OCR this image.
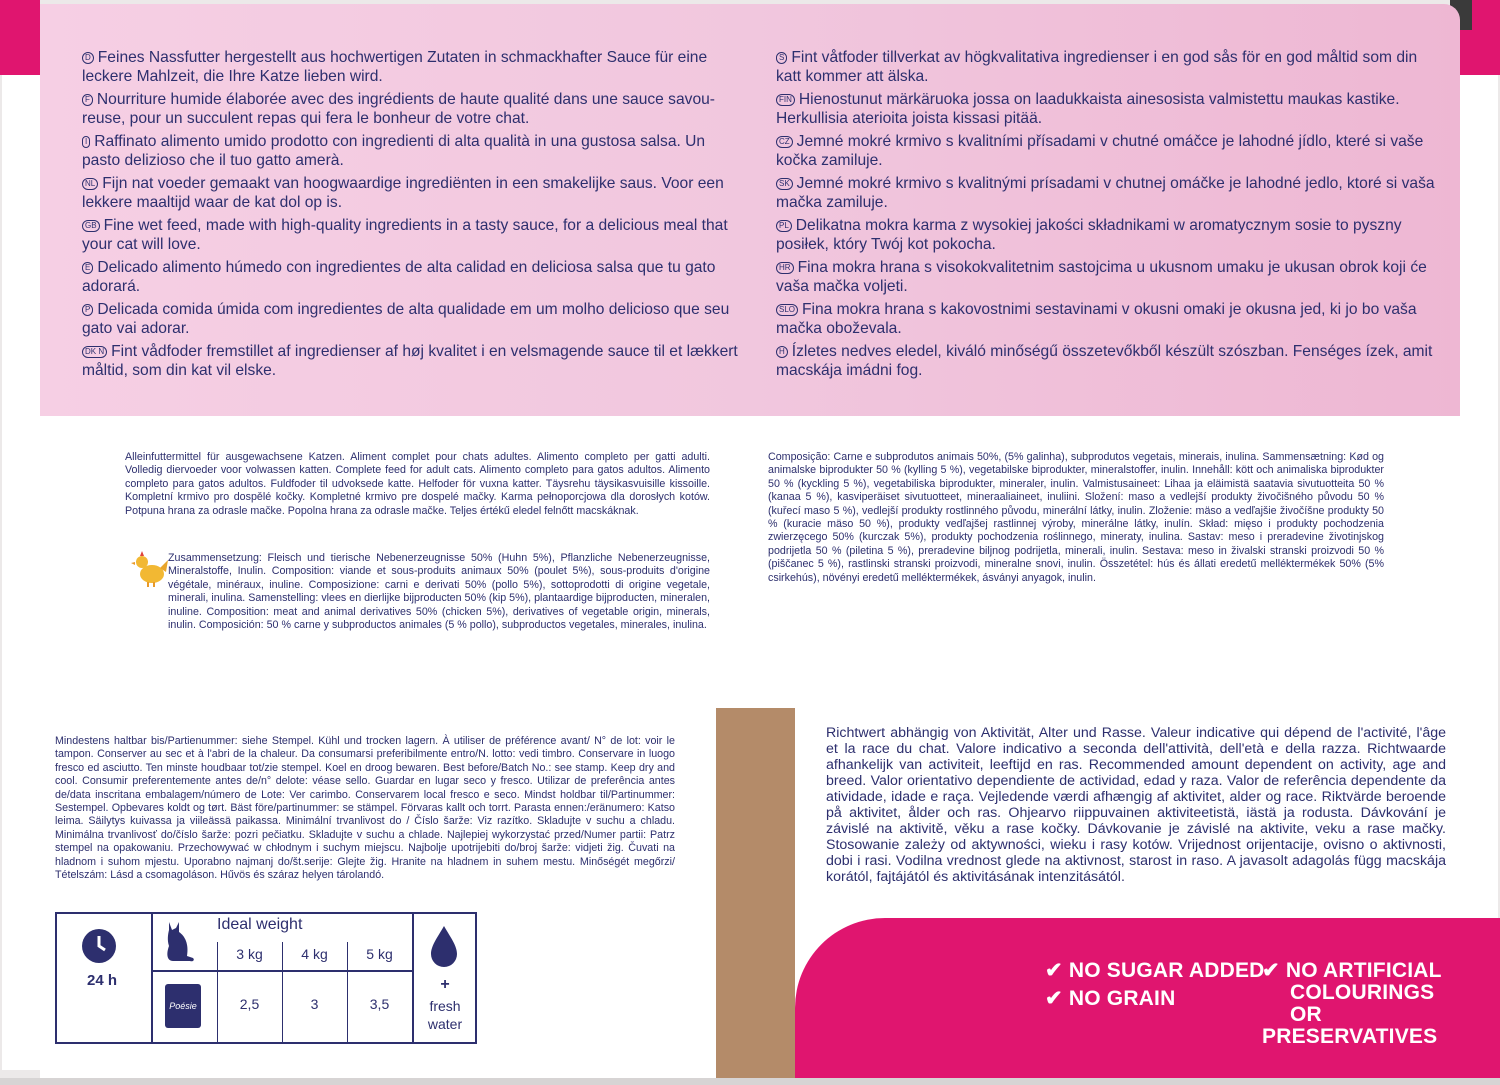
D Feines Nassfutter hergestellt aus hochwertigen Zutaten in schmackhafter Sauce für eine leckere Mahlzeit, die Ihre Katze lieben wird.

F Nourriture humide élaborée avec des ingrédients de haute qualité dans une sauce savoureuse, pour un succulent repas qui fera le bonheur de votre chat.

I Raffinato alimento umido prodotto con ingredienti di alta qualità in una gustosa salsa. Un pasto delizioso che il tuo gatto amerà.

NL Fijn nat voeder gemaakt van hoogwaardige ingrediënten in een smakelijke saus. Voor een lekkere maaltijd waar de kat dol op is.

GB Fine wet feed, made with high-quality ingredients in a tasty sauce, for a delicious meal that your cat will love.

E Delicado alimento húmedo con ingredientes de alta calidad en deliciosa salsa que tu gato adorará.

P Delicada comida úmida com ingredientes de alta qualidade em um molho delicioso que seu gato vai adorar.

DK N Fint vådfoder fremstillet af ingredienser af høj kvalitet i en velsmagende sauce til et lækkert måltid, som din kat vil elske.

S Fint våtfoder tillverkat av högkvalitativa ingredienser i en god sås för en god måltid som din katt kommer att älska.

FIN Hienostunut märkäruoka jossa on laadukkaista ainesosista valmistettu maukas kastike. Herkullisia aterioita joista kissasi pitää.

CZ Jemné mokré krmivo s kvalitními přísadami v chutné omáčce je lahodné jídlo, které si vaše kočka zamiluje.

SK Jemné mokré krmivo s kvalitnými prísadami v chutnej omáčke je lahodné jedlo, ktoré si vaša mačka zamiluje.

PL Delikatna mokra karma z wysokiej jakości składnikami w aromatycznym sosie to pyszny posiłek, który Twój kot pokocha.

HR Fina mokra hrana s visokokvalitetnim sastojcima u ukusnom umaku je ukusan obrok koji će vaša mačka voljeti.

SLO Fina mokra hrana s kakovostnimi sestavinami v okusni omaki je okusna jed, ki jo bo vaša mačka oboževala.

H Ízletes nedves eledel, kiváló minőségű összetevőkből készült szószban. Fenséges ízek, amit macskája imádni fog.

Alleinfuttermittel für ausgewachsene Katzen. Aliment complet pour chats adultes. Alimento completo per gatti adulti. Volledig diervoeder voor volwassen katten. Complete feed for adult cats. Alimento completo para gatos adultos. Alimento completo para gatos adultos. Fuldfoder til udvoksede katte. Helfoder för vuxna katter. Täysrehu täysikasvuisille kissoille. Kompletní krmivo pro dospělé kočky. Kompletné krmivo pre dospelé mačky. Karma pełnoporcjowa dla dorosłych kotów. Potpuna hrana za odrasle mačke. Popolna hrana za odrasle mačke. Teljes értékű eledel felnőtt macskáknak.

Zusammensetzung: Fleisch und tierische Nebenerzeugnisse 50% (Huhn 5%), Pflanzliche Nebenerzeugnisse, Mineralstoffe, Inulin. Composition: viande et sous-produits animaux 50% (poulet 5%), sous-produits d'origine végétale, minéraux, inuline. Composizione: carni e derivati 50% (pollo 5%), sottoprodotti di origine vegetale, minerali, inulina. Samenstelling: vlees en dierlijke bijproducten 50% (kip 5%), plantaardige bijproducten, mineralen, inuline. Composition: meat and animal derivatives 50% (chicken 5%), derivatives of vegetable origin, minerals, inulin. Composición: 50 % carne y subproductos animales (5 % pollo), subproductos vegetales, minerales, inulina.

Composição: Carne e subprodutos animais 50%, (5% galinha), subprodutos vegetais, minerais, inulina. Sammensætning: Kød og animalske biprodukter 50 % (kylling 5 %), vegetabilske biprodukter, mineralstoffer, inulin. Innehåll: kött och animaliska biprodukter 50 % (kyckling 5 %), vegetabiliska biprodukter, mineraler, inulin. Valmistusaineet: Lihaa ja eläimistä saatavia sivutuotteita 50 % (kanaa 5 %), kasviperäiset sivutuotteet, mineraaliaineet, inuliini. Složení: maso a vedlejší produkty živočišného původu 50 % (kuřecí maso 5 %), vedlejší produkty rostlinného původu, minerální látky, inulin. Zloženie: mäso a vedľajšie živočíšne produkty 50 % (kuracie mäso 50 %), produkty vedľajšej rastlinnej výroby, minerálne látky, inulín. Skład: mięso i produkty pochodzenia zwierzęcego 50% (kurczak 5%), produkty pochodzenia roślinnego, mineraty, inulina. Sastav: meso i preradevine životinjskog podrijetla 50 % (piletina 5 %), preradevine biljnog podrijetla, minerali, inulin. Sestava: meso in živalski stranski proizvodi 50 % (piščanec 5 %), rastlinski stranski proizvodi, mineralne snovi, inulin. Összetétel: hús és állati eredetű melléktermékek 50% (5% csirkehús), növényi eredetű melléktermékek, ásványi anyagok, inulin.

Mindestens haltbar bis/Partienummer: siehe Stempel. Kühl und trocken lagern. À utiliser de préférence avant/ N° de lot: voir le tampon. Conserver au sec et à l'abri de la chaleur. Da consumarsi preferibilmente entro/N. lotto: vedi timbro. Conservare in luogo fresco ed asciutto. Ten minste houdbaar tot/zie stempel. Koel en droog bewaren. Best before/Batch No.: see stamp. Keep dry and cool. Consumir preferentemente antes de/n° delote: véase sello. Guardar en lugar seco y fresco. Utilizar de preferência antes de/data inscritana embalagem/número de Lote: Ver carimbo. Conservarem local fresco e seco. Mindst holdbar til/Partinummer: Sestempel. Opbevares koldt og tørt. Bäst före/partinummer: se stämpel. Förvaras kallt och torrt. Parasta ennen:/eränumero: Katso leima. Säilytys kuivassa ja viileässä paikassa. Minimální trvanlivost do / Číslo šarže: Viz razítko. Skladujte v suchu a chladu. Minimálna trvanlivosť do/číslo šarže: pozri pečiatku. Skladujte v suchu a chlade. Najlepiej wykorzystać przed/Numer partii: Patrz stempel na opakowaniu. Przechowywać w chłodnym i suchym miejscu. Najbolje upotrijebiti do/broj šarže: vidjeti žig. Čuvati na hladnom i suhom mjestu. Uporabno najmanj do/št.serije: Glejte žig. Hranite na hladnem in suhem mestu. Minőségét megőrzi/ Tételszám: Lásd a csomagoláson. Hűvös és száraz helyen tárolandó.

Richtwert abhängig von Aktivität, Alter und Rasse. Valeur indicative qui dépend de l'activité, l'âge et la race du chat. Valore indicativo a seconda dell'attività, dell'età e della razza. Richtwaarde afhankelijk van activiteit, leeftijd en ras. Recommended amount dependent on activity, age and breed. Valor orientativo dependiente de actividad, edad y raza. Valor de referência dependente da atividade, idade e raça. Vejledende værdi afhængig af aktivitet, alder og race. Riktvärde beroende på aktivitet, ålder och ras. Ohjearvo riippuvainen aktiviteetistä, iästä ja rodusta. Dávkování je závislé na aktivitě, věku a rase kočky. Dávkovanie je závislé na aktivite, veku a rase mačky. Stosowanie zależy od aktywności, wieku i rasy kotów. Vrijednost orijentacije, ovisno o aktivnosti, dobi i rasi. Vodilna vrednost glede na aktivnost, starost in raso. A javasolt adagolás függ macskája korától, fajtájától és aktivitásának intenzitásától.

24 h
Ideal weight
3 kg	4 kg	5 kg
Poésie	2,5	3	3,5
+
fresh
water
✔ NO SUGAR ADDED
✔ NO GRAIN
✔ NO ARTIFICIAL
COLOURINGS
OR PRESERVATIVES
